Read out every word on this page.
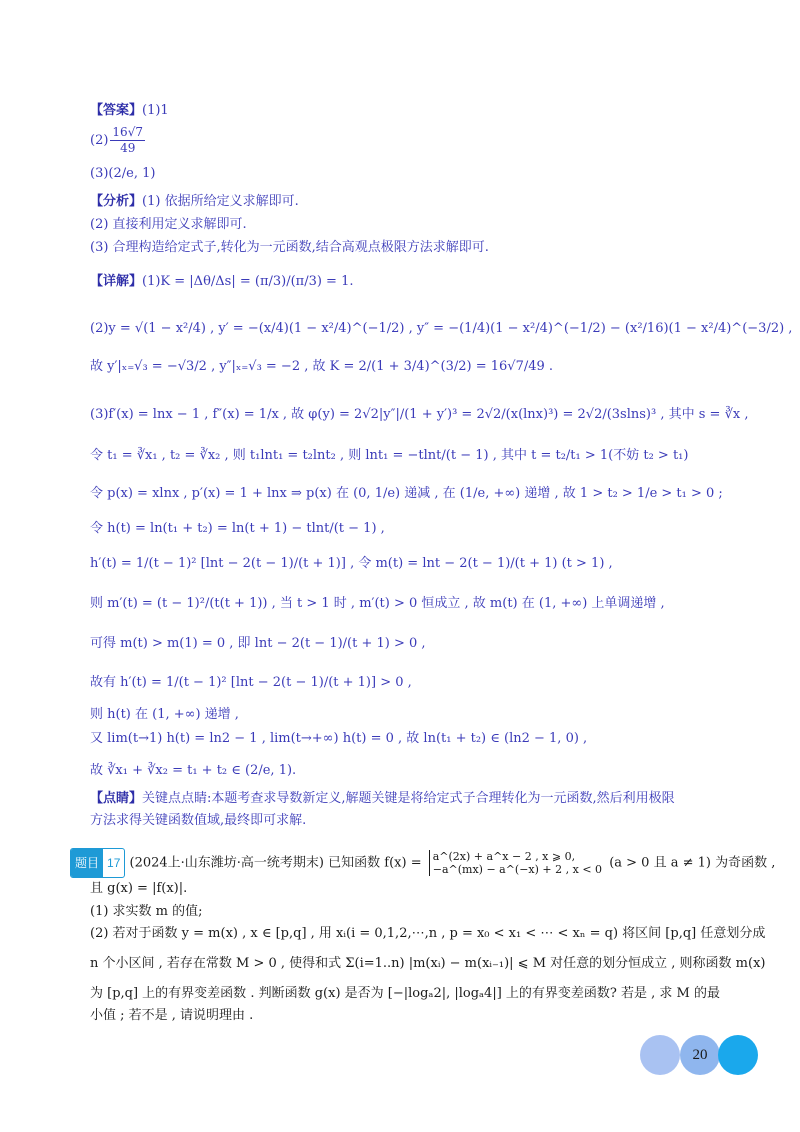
【答案】(1)1
$(2) \frac{16√7}{49}$
(3)(2/e, 1)
【分析】(1) 依据所给定义求解即可.
(2) 直接利用定义求解即可.
(3) 合理构造给定式子,转化为一元函数,结合高观点极限方法求解即可.
【详解】(1)K = |Δθ/Δs| = (π/3)/(π/3) = 1.
(2)y = √(1 − x²/4) , y′ = −(x/4)(1 − x²/4)^(−1/2) , y″ = −(1/4)(1 − x²/4)^(−1/2) − (x²/16)(1 − x²/4)^(−3/2) ,
故 y′|ₓ₌√₃ = −√3/2 , y″|ₓ₌√₃ = −2 , 故 K = 2/(1 + 3/4)^(3/2) = 16√7/49 .
(3)f′(x) = lnx − 1 , f″(x) = 1/x , 故 φ(y) = 2√2|y″|/(1 + y′)³ = 2√2/(x(lnx)³) = 2√2/(3slns)³ , 其中 s = ∛x ,
令 t₁ = ∛x₁ , t₂ = ∛x₂ , 则 t₁lnt₁ = t₂lnt₂ , 则 lnt₁ = −tlnt/(t − 1) , 其中 t = t₂/t₁ > 1(不妨 t₂ > t₁)
令 p(x) = xlnx , p′(x) = 1 + lnx ⇒ p(x) 在 (0, 1/e) 递减 , 在 (1/e, +∞) 递增 , 故 1 > t₂ > 1/e > t₁ > 0 ;
令 h(t) = ln(t₁ + t₂) = ln(t + 1) − tlnt/(t − 1) ,
h′(t) = 1/(t − 1)² [lnt − 2(t − 1)/(t + 1)] , 令 m(t) = lnt − 2(t − 1)/(t + 1) (t > 1) ,
则 m′(t) = (t − 1)²/(t(t + 1)) , 当 t > 1 时 , m′(t) > 0 恒成立 , 故 m(t) 在 (1, +∞) 上单调递增 ,
可得 m(t) > m(1) = 0 , 即 lnt − 2(t − 1)/(t + 1) > 0 ,
故有 h′(t) = 1/(t − 1)² [lnt − 2(t − 1)/(t + 1)] > 0 ,
则 h(t) 在 (1, +∞) 递增 ,
又 lim(t→1) h(t) = ln2 − 1 , lim(t→+∞) h(t) = 0 , 故 ln(t₁ + t₂) ∈ (ln2 − 1, 0) ,
故 ∛x₁ + ∛x₂ = t₁ + t₂ ∈ (2/e, 1).
【点睛】关键点点睛:本题考查求导数新定义,解题关键是将给定式子合理转化为一元函数,然后利用极限
方法求得关键函数值域,最终即可求解.
题目 17 (2024上·山东潍坊·高一统考期末) 已知函数 f(x) = a^(2x) + a^x − 2 , x ⩾ 0,
−a^(mx) − a^(−x) + 2 , x < 0 (a > 0 且 a ≠ 1) 为奇函数 ,
且 g(x) = |f(x)|.
(1) 求实数 m 的值;
(2) 若对于函数 y = m(x) , x ∈ [p,q] , 用 xᵢ(i = 0,1,2,⋯,n , p = x₀ < x₁ < ⋯ < xₙ = q) 将区间 [p,q] 任意划分成
n 个小区间 , 若存在常数 M > 0 , 使得和式 Σ(i=1..n) |m(xᵢ) − m(xᵢ₋₁)| ⩽ M 对任意的划分恒成立 , 则称函数 m(x)
为 [p,q] 上的有界变差函数 . 判断函数 g(x) 是否为 [−|logₐ2|, |logₐ4|] 上的有界变差函数? 若是 , 求 M 的最
小值 ; 若不是 , 请说明理由 .
20
